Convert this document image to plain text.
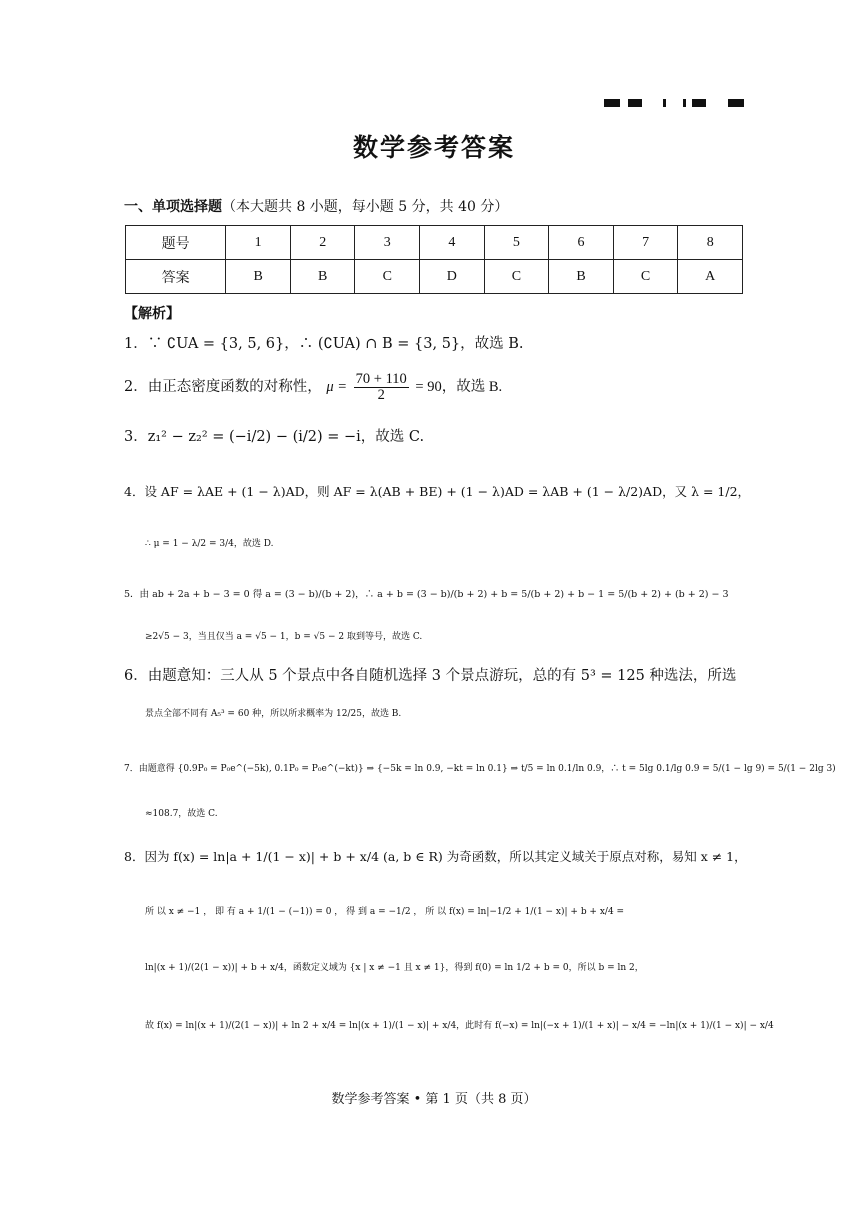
数学参考答案
一、单项选择题（本大题共 8 小题，每小题 5 分，共 40 分）
题号	1	2	3	4	5	6	7	8
答案	B	B	C	D	C	B	C	A
【解析】
1．∵ ∁UA = {3, 5, 6}，∴ (∁UA) ∩ B = {3, 5}，故选 B.
2．由正态密度函数的对称性， $\mu = \frac{70 + 110}{2} = 90$，故选 B.
3．z₁² − z₂² = (−i/2) − (i/2) = −i，故选 C.
4．设 AF = λAE + (1 − λ)AD，则 AF = λ(AB + BE) + (1 − λ)AD = λAB + (1 − λ/2)AD，又 λ = 1/2，
∴ μ = 1 − λ/2 = 3/4，故选 D.
5．由 ab + 2a + b − 3 = 0 得 a = (3 − b)/(b + 2)，∴ a + b = (3 − b)/(b + 2) + b = 5/(b + 2) + b − 1 = 5/(b + 2) + (b + 2) − 3
≥2√5 − 3，当且仅当 a = √5 − 1，b = √5 − 2 取到等号，故选 C.
6．由题意知：三人从 5 个景点中各自随机选择 3 个景点游玩，总的有 5³ = 125 种选法，所选
景点全部不同有 A₅³ = 60 种，所以所求概率为 12/25，故选 B.
7．由题意得 {0.9P₀ = P₀e^(−5k), 0.1P₀ = P₀e^(−kt)} ⇒ {−5k = ln 0.9, −kt = ln 0.1} ⇒ t/5 = ln 0.1/ln 0.9，∴ t = 5lg 0.1/lg 0.9 = 5/(1 − lg 9) = 5/(1 − 2lg 3)
≈108.7，故选 C.
8．因为 f(x) = ln|a + 1/(1 − x)| + b + x/4 (a, b ∈ R) 为奇函数，所以其定义域关于原点对称，易知 x ≠ 1，
所 以 x ≠ −1 ， 即 有 a + 1/(1 − (−1)) = 0 ， 得 到 a = −1/2 ， 所 以 f(x) = ln|−1/2 + 1/(1 − x)| + b + x/4 =
ln|(x + 1)/(2(1 − x))| + b + x/4，函数定义域为 {x | x ≠ −1 且 x ≠ 1}，得到 f(0) = ln 1/2 + b = 0，所以 b = ln 2，
故 f(x) = ln|(x + 1)/(2(1 − x))| + ln 2 + x/4 = ln|(x + 1)/(1 − x)| + x/4，此时有 f(−x) = ln|(−x + 1)/(1 + x)| − x/4 = −ln|(x + 1)/(1 − x)| − x/4
数学参考答案 • 第 1 页（共 8 页）
